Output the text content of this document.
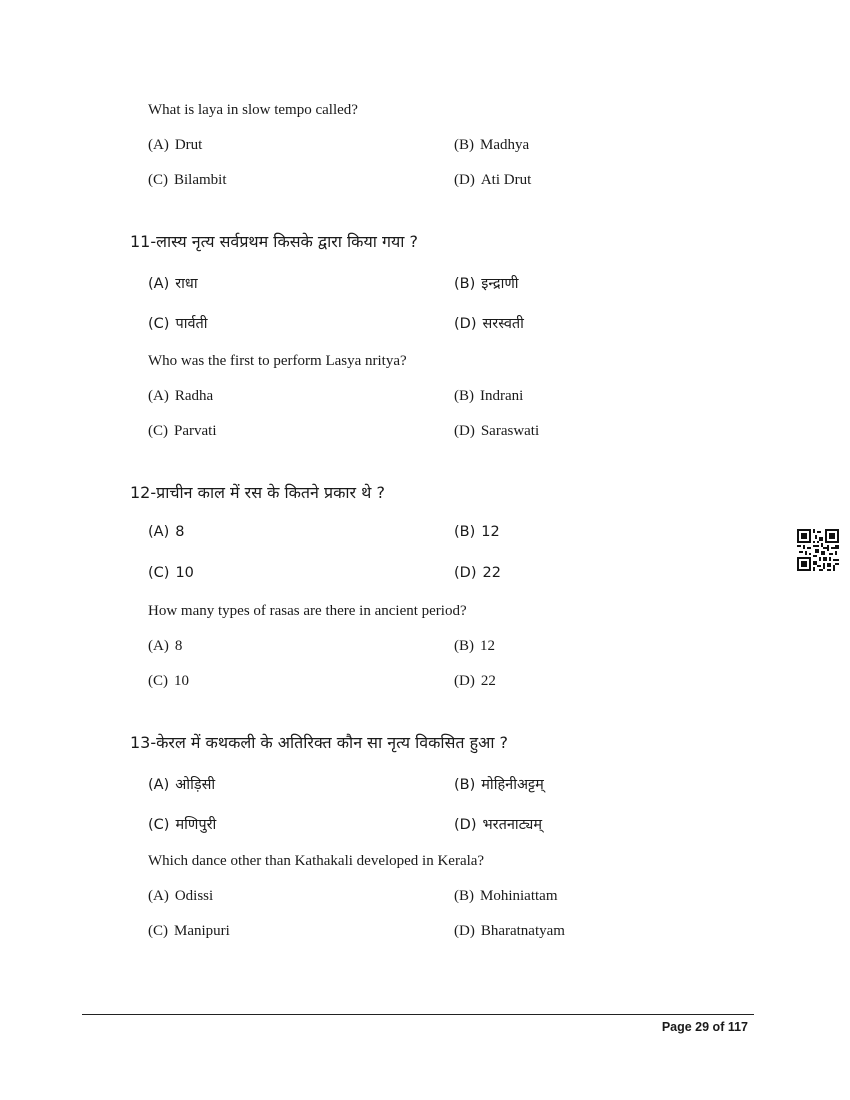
What is laya in slow tempo called?
(A) Drut	(B) Madhya
(C) Bilambit	(D) Ati Drut
11-लास्य नृत्य सर्वप्रथम किसके द्वारा किया गया ?
(A) राधा	(B) इन्द्राणी
(C) पार्वती	(D) सरस्वती
Who was the first to perform Lasya nritya?
(A) Radha	(B) Indrani
(C) Parvati	(D) Saraswati
12-प्राचीन काल में रस के कितने प्रकार थे ?
(A) 8	(B) 12
(C) 10	(D) 22
How many types of rasas are there in ancient period?
(A) 8	(B) 12
(C) 10	(D) 22
13-केरल में कथकली के अतिरिक्त कौन सा नृत्य विकसित हुआ ?
(A) ओड़िसी	(B) मोहिनीअट्टम्
(C) मणिपुरी	(D) भरतनाट्यम्
Which dance other than Kathakali developed in Kerala?
(A) Odissi	(B) Mohiniattam
(C) Manipuri	(D) Bharatnatyam
Page 29 of 117
